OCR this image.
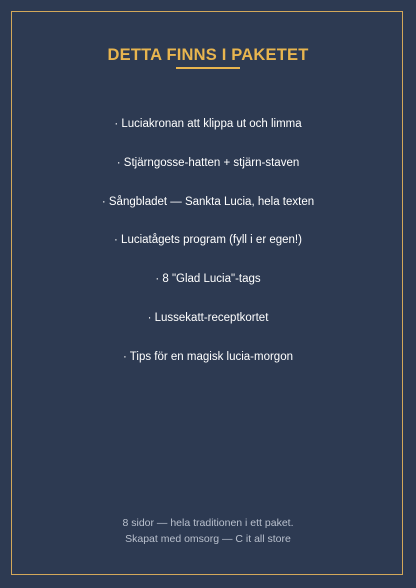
DETTA FINNS I PAKETET
· Luciakronan att klippa ut och limma
· Stjärngosse-hatten + stjärn-staven
· Sångbladet — Sankta Lucia, hela texten
· Luciatågets program (fyll i er egen!)
· 8 "Glad Lucia"-tags
· Lussekatt-receptkortet
· Tips för en magisk lucia-morgon
8 sidor — hela traditionen i ett paket.
Skapat med omsorg — C it all store
